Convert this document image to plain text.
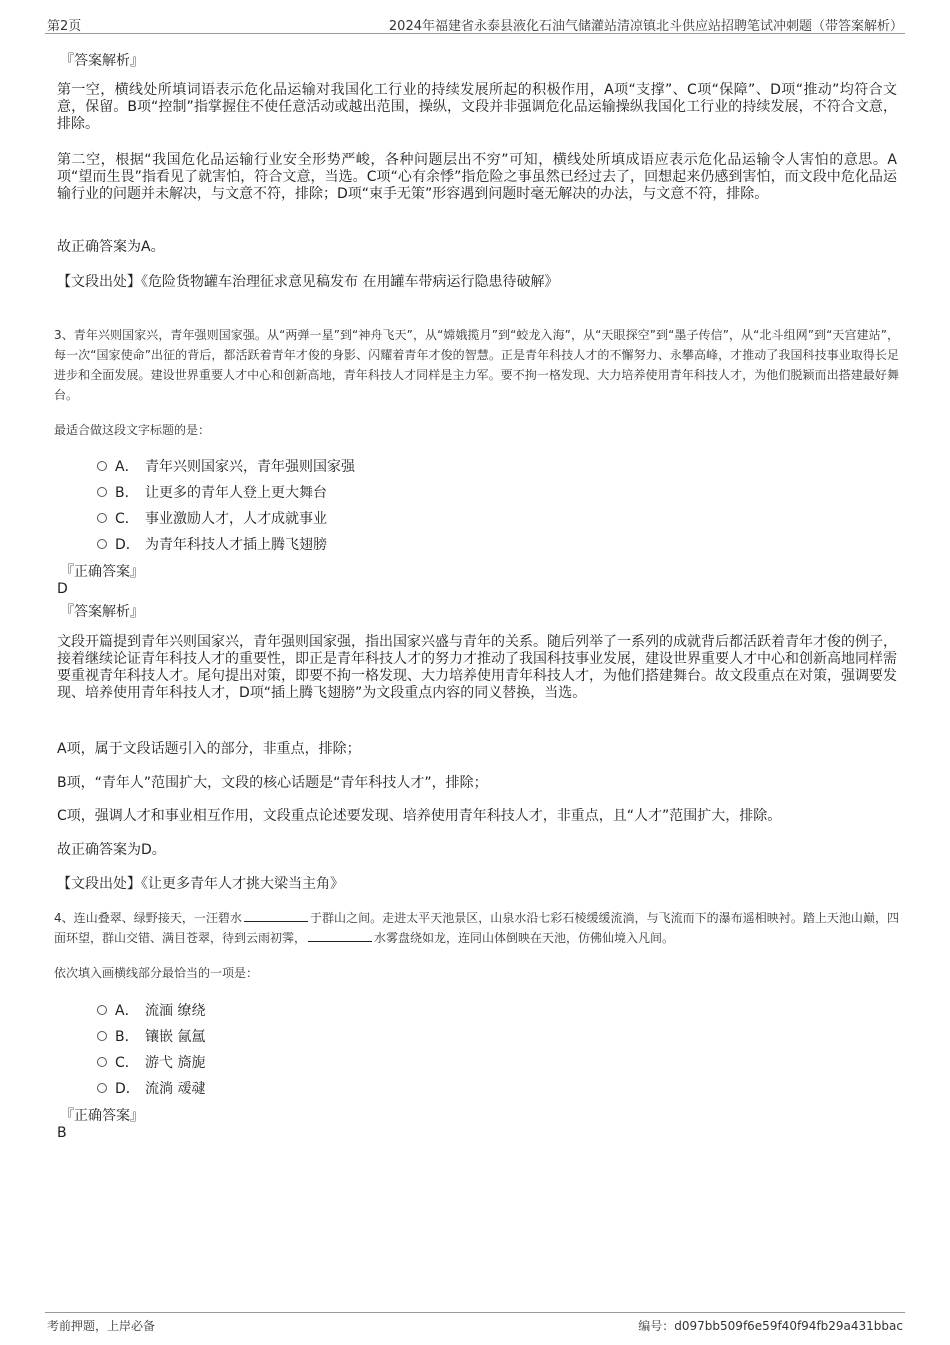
第2页	2024年福建省永泰县液化石油气储灌站清凉镇北斗供应站招聘笔试冲刺题（带答案解析）
『答案解析』
第一空，横线处所填词语表示危化品运输对我国化工行业的持续发展所起的积极作用，A项“支撑”、C项“保障”、D项“推动”均符合文意，保留。B项“控制”指掌握住不使任意活动或越出范围，操纵，文段并非强调危化品运输操纵我国化工行业的持续发展，不符合文意，排除。
第二空，根据“我国危化品运输行业安全形势严峻，各种问题层出不穷”可知，横线处所填成语应表示危化品运输令人害怕的意思。A项“望而生畏”指看见了就害怕，符合文意，当选。C项“心有余悸”指危险之事虽然已经过去了，回想起来仍感到害怕，而文段中危化品运输行业的问题并未解决，与文意不符，排除；D项“束手无策”形容遇到问题时毫无解决的办法，与文意不符，排除。
故正确答案为A。
【文段出处】《危险货物罐车治理征求意见稿发布 在用罐车带病运行隐患待破解》
3、青年兴则国家兴，青年强则国家强。从“两弹一星”到“神舟飞天”，从“嫦娥揽月”到“蛟龙入海”，从“天眼探空”到“墨子传信”，从“北斗组网”到“天宫建站”，每一次“国家使命”出征的背后，都活跃着青年才俊的身影、闪耀着青年才俊的智慧。正是青年科技人才的不懈努力、永攀高峰，才推动了我国科技事业取得长足进步和全面发展。建设世界重要人才中心和创新高地，青年科技人才同样是主力军。要不拘一格发现、大力培养使用青年科技人才，为他们脱颖而出搭建最好舞台。
最适合做这段文字标题的是：
A． 青年兴则国家兴，青年强则国家强
B． 让更多的青年人登上更大舞台
C． 事业激励人才，人才成就事业
D． 为青年科技人才插上腾飞翅膀
『正确答案』
D
『答案解析』
文段开篇提到青年兴则国家兴，青年强则国家强，指出国家兴盛与青年的关系。随后列举了一系列的成就背后都活跃着青年才俊的例子，接着继续论证青年科技人才的重要性，即正是青年科技人才的努力才推动了我国科技事业发展，建设世界重要人才中心和创新高地同样需要重视青年科技人才。尾句提出对策，即要不拘一格发现、大力培养使用青年科技人才，为他们搭建舞台。故文段重点在对策，强调要发现、培养使用青年科技人才，D项“插上腾飞翅膀”为文段重点内容的同义替换，当选。
A项，属于文段话题引入的部分，非重点，排除；
B项，“青年人”范围扩大，文段的核心话题是“青年科技人才”，排除；
C项，强调人才和事业相互作用，文段重点论述要发现、培养使用青年科技人才，非重点，且“人才”范围扩大，排除。
故正确答案为D。
【文段出处】《让更多青年人才挑大梁当主角》
4、连山叠翠、绿野接天，一汪碧水	于群山之间。走进太平天池景区，山泉水沿七彩石棱缓缓流淌，与飞流而下的瀑布遥相映衬。踏上天池山巅，四面环望，群山交错、满目苍翠，待到云雨初霁，	水雾盘绕如龙，连同山体倒映在天池，仿佛仙境入凡间。
依次填入画横线部分最恰当的一项是：
A． 流湎 缭绕
B． 镶嵌 氤氲
C． 游弋 旖旎
D． 流淌 叆叇
『正确答案』
B
考前押题，上岸必备	编号：d097bb509f6e59f40f94fb29a431bbac
